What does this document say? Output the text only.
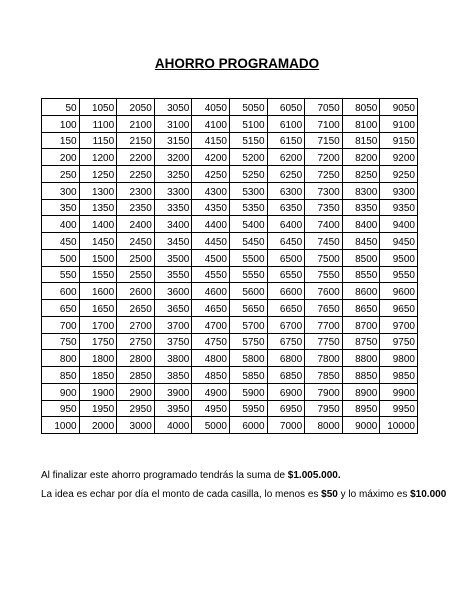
AHORRO PROGRAMADO
50	1050	2050	3050	4050	5050	6050	7050	8050	9050
100	1100	2100	3100	4100	5100	6100	7100	8100	9100
150	1150	2150	3150	4150	5150	6150	7150	8150	9150
200	1200	2200	3200	4200	5200	6200	7200	8200	9200
250	1250	2250	3250	4250	5250	6250	7250	8250	9250
300	1300	2300	3300	4300	5300	6300	7300	8300	9300
350	1350	2350	3350	4350	5350	6350	7350	8350	9350
400	1400	2400	3400	4400	5400	6400	7400	8400	9400
450	1450	2450	3450	4450	5450	6450	7450	8450	9450
500	1500	2500	3500	4500	5500	6500	7500	8500	9500
550	1550	2550	3550	4550	5550	6550	7550	8550	9550
600	1600	2600	3600	4600	5600	6600	7600	8600	9600
650	1650	2650	3650	4650	5650	6650	7650	8650	9650
700	1700	2700	3700	4700	5700	6700	7700	8700	9700
750	1750	2750	3750	4750	5750	6750	7750	8750	9750
800	1800	2800	3800	4800	5800	6800	7800	8800	9800
850	1850	2850	3850	4850	5850	6850	7850	8850	9850
900	1900	2900	3900	4900	5900	6900	7900	8900	9900
950	1950	2950	3950	4950	5950	6950	7950	8950	9950
1000	2000	3000	4000	5000	6000	7000	8000	9000	10000
Al finalizar este ahorro programado tendrás la suma de $1.005.000.
La idea es echar por día el monto de cada casilla, lo menos es $50 y lo máximo es $10.000
